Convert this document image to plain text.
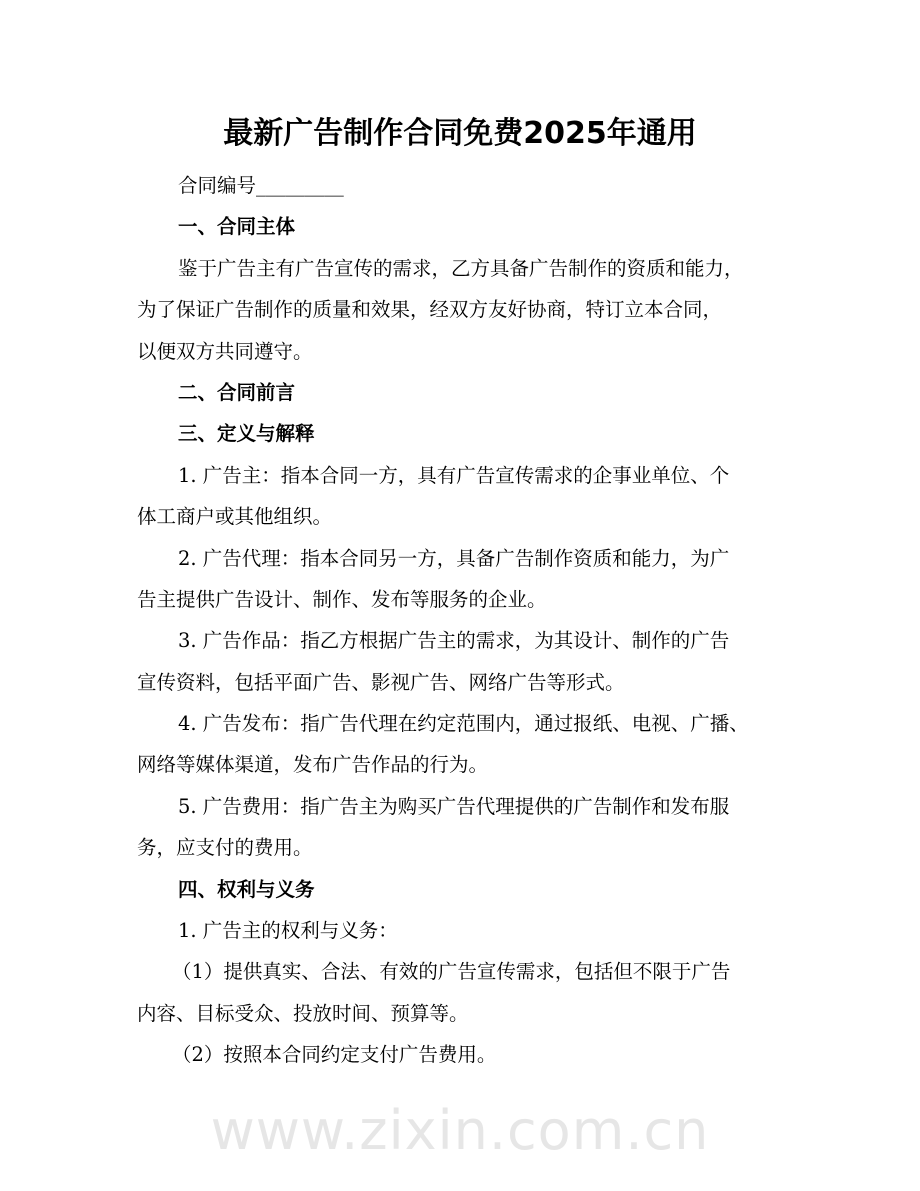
最新广告制作合同免费2025年通用
合同编号_________
一、合同主体
鉴于广告主有广告宣传的需求，乙方具备广告制作的资质和能力，
为了保证广告制作的质量和效果，经双方友好协商，特订立本合同，
以便双方共同遵守。
二、合同前言
三、定义与解释
1. 广告主：指本合同一方，具有广告宣传需求的企事业单位、个
体工商户或其他组织。
2. 广告代理：指本合同另一方，具备广告制作资质和能力，为广
告主提供广告设计、制作、发布等服务的企业。
3. 广告作品：指乙方根据广告主的需求，为其设计、制作的广告
宣传资料，包括平面广告、影视广告、网络广告等形式。
4. 广告发布：指广告代理在约定范围内，通过报纸、电视、广播、
网络等媒体渠道，发布广告作品的行为。
5. 广告费用：指广告主为购买广告代理提供的广告制作和发布服
务，应支付的费用。
四、权利与义务
1. 广告主的权利与义务：
（1）提供真实、合法、有效的广告宣传需求，包括但不限于广告
内容、目标受众、投放时间、预算等。
（2）按照本合同约定支付广告费用。
www.zixin.com.cn
